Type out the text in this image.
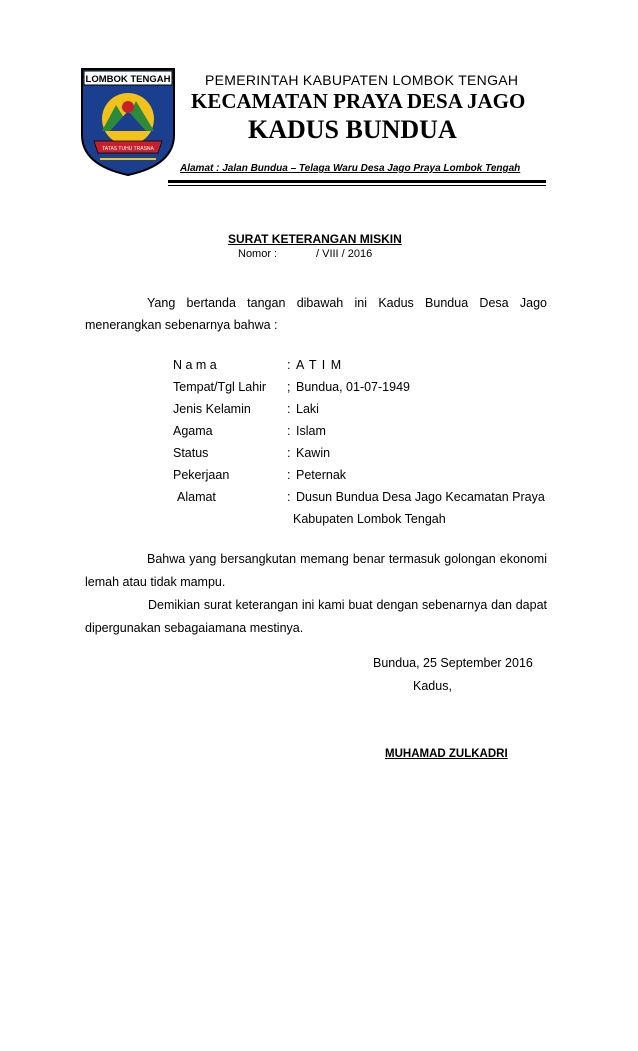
LOMBOK TENGAH
TATAS TUHU TRASNA
PEMERINTAH KABUPATEN LOMBOK TENGAH
KECAMATAN PRAYA DESA JAGO
KADUS BUNDUA
Alamat : Jalan Bundua – Telaga Waru Desa Jago Praya Lombok Tengah
SURAT KETERANGAN MISKIN
Nomor :	/ VIII / 2016
Yang bertanda tangan dibawah ini Kadus Bundua Desa Jago
menerangkan sebenarnya bahwa :
N a m a	: A T I M
Tempat/Tgl Lahir ; Bundua, 01-07-1949
Jenis Kelamin	: Laki
Agama	: Islam
Status	: Kawin
Pekerjaan	: Peternak
Alamat	: Dusun Bundua Desa Jago Kecamatan Praya
Kabupaten Lombok Tengah
Bahwa yang bersangkutan memang benar termasuk golongan ekonomi
lemah atau tidak mampu.
Demikian surat keterangan ini kami buat dengan sebenarnya dan dapat
dipergunakan sebagaiamana mestinya.
Bundua, 25 September 2016
Kadus,
MUHAMAD ZULKADRI
